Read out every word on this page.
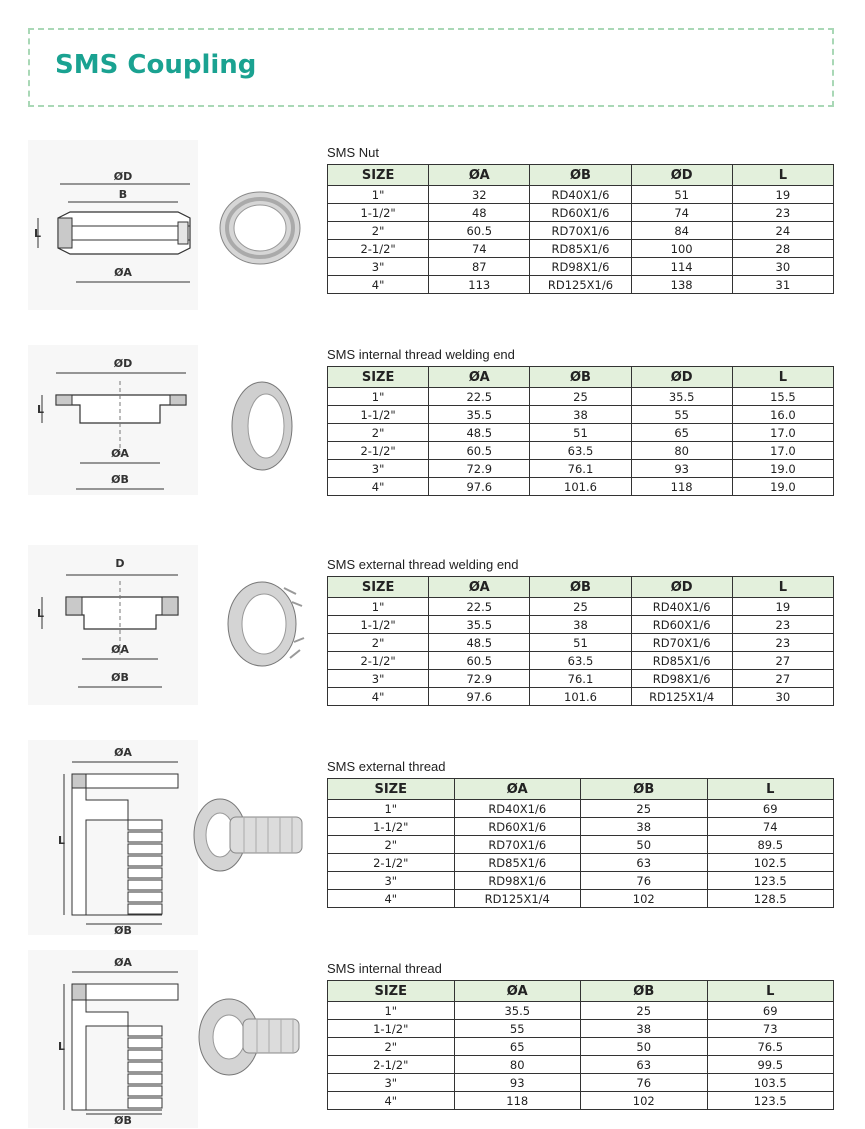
SMS Coupling
ØD
B
L
ØA
SMS Nut
SIZE	ØA	ØB	ØD	L
1"	32	RD40X1/6	51	19
1-1/2"	48	RD60X1/6	74	23
2"	60.5	RD70X1/6	84	24
2-1/2"	74	RD85X1/6	100	28
3"	87	RD98X1/6	114	30
4"	113	RD125X1/6	138	31
ØD
L
ØA
ØB
SMS internal thread welding end
SIZE	ØA	ØB	ØD	L
1"	22.5	25	35.5	15.5
1-1/2"	35.5	38	55	16.0
2"	48.5	51	65	17.0
2-1/2"	60.5	63.5	80	17.0
3"	72.9	76.1	93	19.0
4"	97.6	101.6	118	19.0
D
L
ØA
ØB
SMS external thread welding end
SIZE	ØA	ØB	ØD	L
1"	22.5	25	RD40X1/6	19
1-1/2"	35.5	38	RD60X1/6	23
2"	48.5	51	RD70X1/6	23
2-1/2"	60.5	63.5	RD85X1/6	27
3"	72.9	76.1	RD98X1/6	27
4"	97.6	101.6	RD125X1/4	30
ØA
L
ØB
SMS external thread
SIZE	ØA	ØB	L
1"	RD40X1/6	25	69
1-1/2"	RD60X1/6	38	74
2"	RD70X1/6	50	89.5
2-1/2"	RD85X1/6	63	102.5
3"	RD98X1/6	76	123.5
4"	RD125X1/4	102	128.5
ØA
L
ØB
SMS internal thread
SIZE	ØA	ØB	L
1"	35.5	25	69
1-1/2"	55	38	73
2"	65	50	76.5
2-1/2"	80	63	99.5
3"	93	76	103.5
4"	118	102	123.5
